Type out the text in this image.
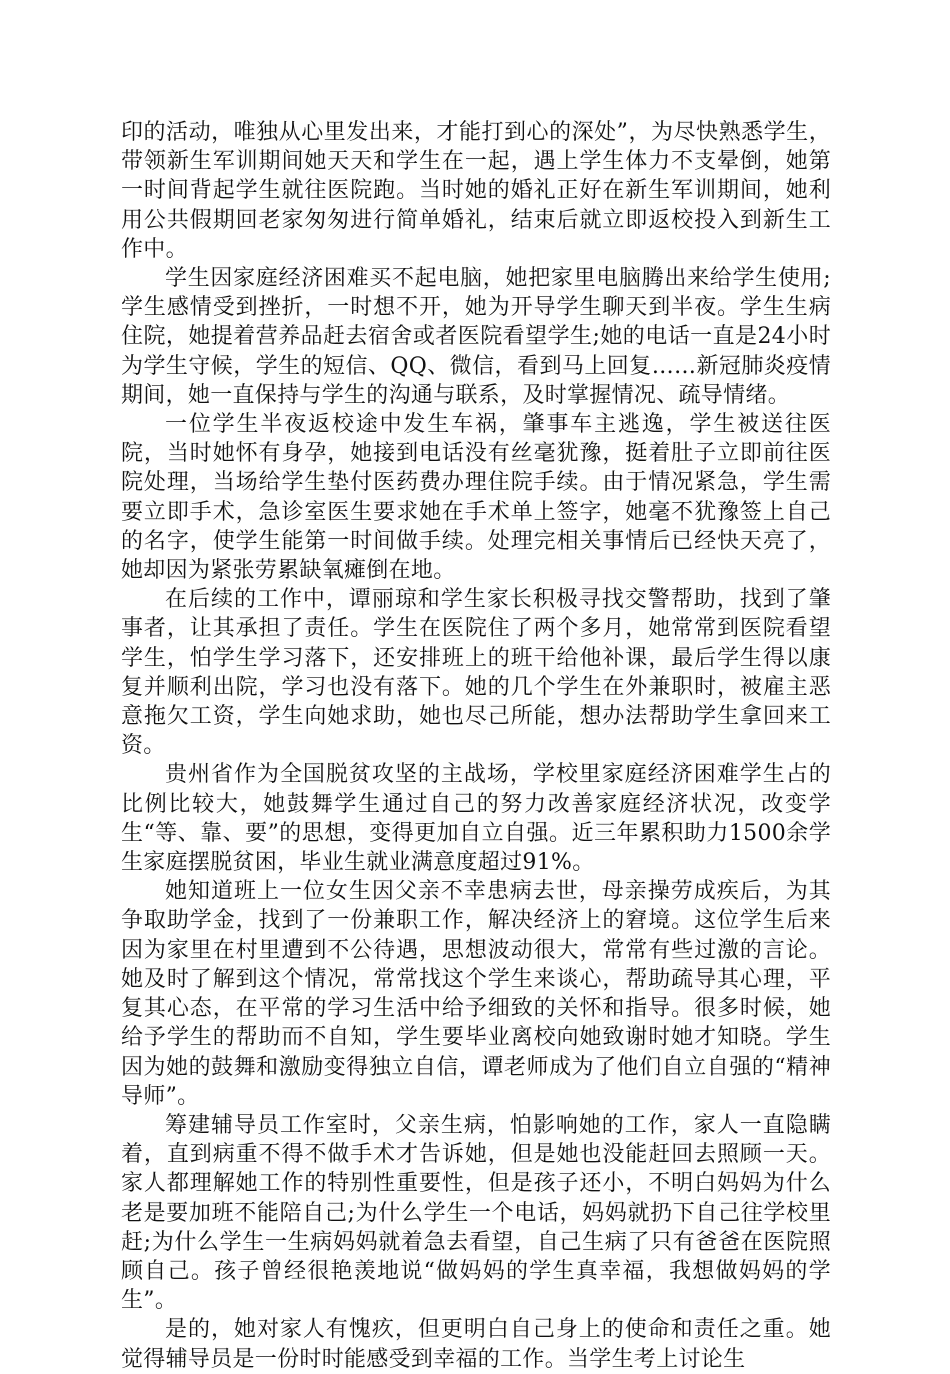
印的活动，唯独从心里发出来，才能打到心的深处”，为尽快熟悉学生，带领新生军训期间她天天和学生在一起，遇上学生体力不支晕倒，她第一时间背起学生就往医院跑。当时她的婚礼正好在新生军训期间，她利用公共假期回老家匆匆进行简单婚礼，结束后就立即返校投入到新生工作中。

学生因家庭经济困难买不起电脑，她把家里电脑腾出来给学生使用;学生感情受到挫折，一时想不开，她为开导学生聊天到半夜。学生生病住院，她提着营养品赶去宿舍或者医院看望学生;她的电话一直是24小时为学生守候，学生的短信、QQ、微信，看到马上回复……新冠肺炎疫情期间，她一直保持与学生的沟通与联系，及时掌握情况、疏导情绪。

一位学生半夜返校途中发生车祸，肇事车主逃逸，学生被送往医院，当时她怀有身孕，她接到电话没有丝毫犹豫，挺着肚子立即前往医院处理，当场给学生垫付医药费办理住院手续。由于情况紧急，学生需要立即手术，急诊室医生要求她在手术单上签字，她毫不犹豫签上自己的名字，使学生能第一时间做手续。处理完相关事情后已经快天亮了，她却因为紧张劳累缺氧瘫倒在地。

在后续的工作中，谭丽琼和学生家长积极寻找交警帮助，找到了肇事者，让其承担了责任。学生在医院住了两个多月，她常常到医院看望学生，怕学生学习落下，还安排班上的班干给他补课，最后学生得以康复并顺利出院，学习也没有落下。她的几个学生在外兼职时，被雇主恶意拖欠工资，学生向她求助，她也尽己所能，想办法帮助学生拿回来工资。

贵州省作为全国脱贫攻坚的主战场，学校里家庭经济困难学生占的比例比较大，她鼓舞学生通过自己的努力改善家庭经济状况，改变学生“等、靠、要”的思想，变得更加自立自强。近三年累积助力1500余学生家庭摆脱贫困，毕业生就业满意度超过91%。

她知道班上一位女生因父亲不幸患病去世，母亲操劳成疾后，为其争取助学金，找到了一份兼职工作，解决经济上的窘境。这位学生后来因为家里在村里遭到不公待遇，思想波动很大，常常有些过激的言论。她及时了解到这个情况，常常找这个学生来谈心，帮助疏导其心理，平复其心态，在平常的学习生活中给予细致的关怀和指导。很多时候，她给予学生的帮助而不自知，学生要毕业离校向她致谢时她才知晓。学生因为她的鼓舞和激励变得独立自信，谭老师成为了他们自立自强的“精神导师”。

筹建辅导员工作室时，父亲生病，怕影响她的工作，家人一直隐瞒着，直到病重不得不做手术才告诉她，但是她也没能赶回去照顾一天。家人都理解她工作的特别性重要性，但是孩子还小，不明白妈妈为什么老是要加班不能陪自己;为什么学生一个电话，妈妈就扔下自己往学校里赶;为什么学生一生病妈妈就着急去看望，自己生病了只有爸爸在医院照顾自己。孩子曾经很艳羡地说“做妈妈的学生真幸福，我想做妈妈的学生”。

是的，她对家人有愧疚，但更明白自己身上的使命和责任之重。她觉得辅导员是一份时时能感受到幸福的工作。当学生考上讨论生
